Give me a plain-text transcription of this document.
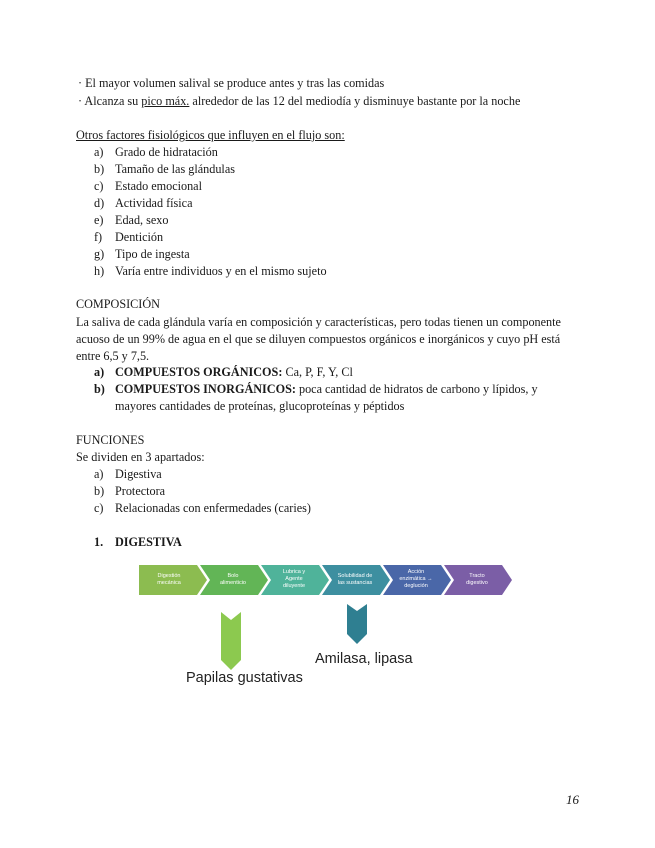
· El mayor volumen salival se produce antes y tras las comidas
· Alcanza su pico máx. alrededor de las 12 del mediodía y disminuye bastante por la noche
Otros factores fisiológicos que influyen en el flujo son:
a) Grado de hidratación
b) Tamaño de las glándulas
c) Estado emocional
d) Actividad física
e) Edad, sexo
f) Dentición
g) Tipo de ingesta
h) Varía entre individuos y en el mismo sujeto
COMPOSICIÓN
La saliva de cada glándula varía en composición y características, pero todas tienen un componente acuoso de un 99% de agua en el que se diluyen compuestos orgánicos e inorgánicos y cuyo pH está entre 6,5 y 7,5.
a) COMPUESTOS ORGÁNICOS: Ca, P, F, Y, Cl
b) COMPUESTOS INORGÁNICOS: poca cantidad de hidratos de carbono y lípidos, y
mayores cantidades de proteínas, glucoproteínas y péptidos
FUNCIONES
Se dividen en 3 apartados:
a) Digestiva
b) Protectora
c) Relacionadas con enfermedades (caries)
1. DIGESTIVA
Digestión
mecánica
Bolo
alimenticio
Lubrica y
Agente
diluyente
Solubilidad de
las sustancias
Acción
enzimática →
deglución
Tracto
digestivo
Papilas gustativas
Amilasa, lipasa
16
